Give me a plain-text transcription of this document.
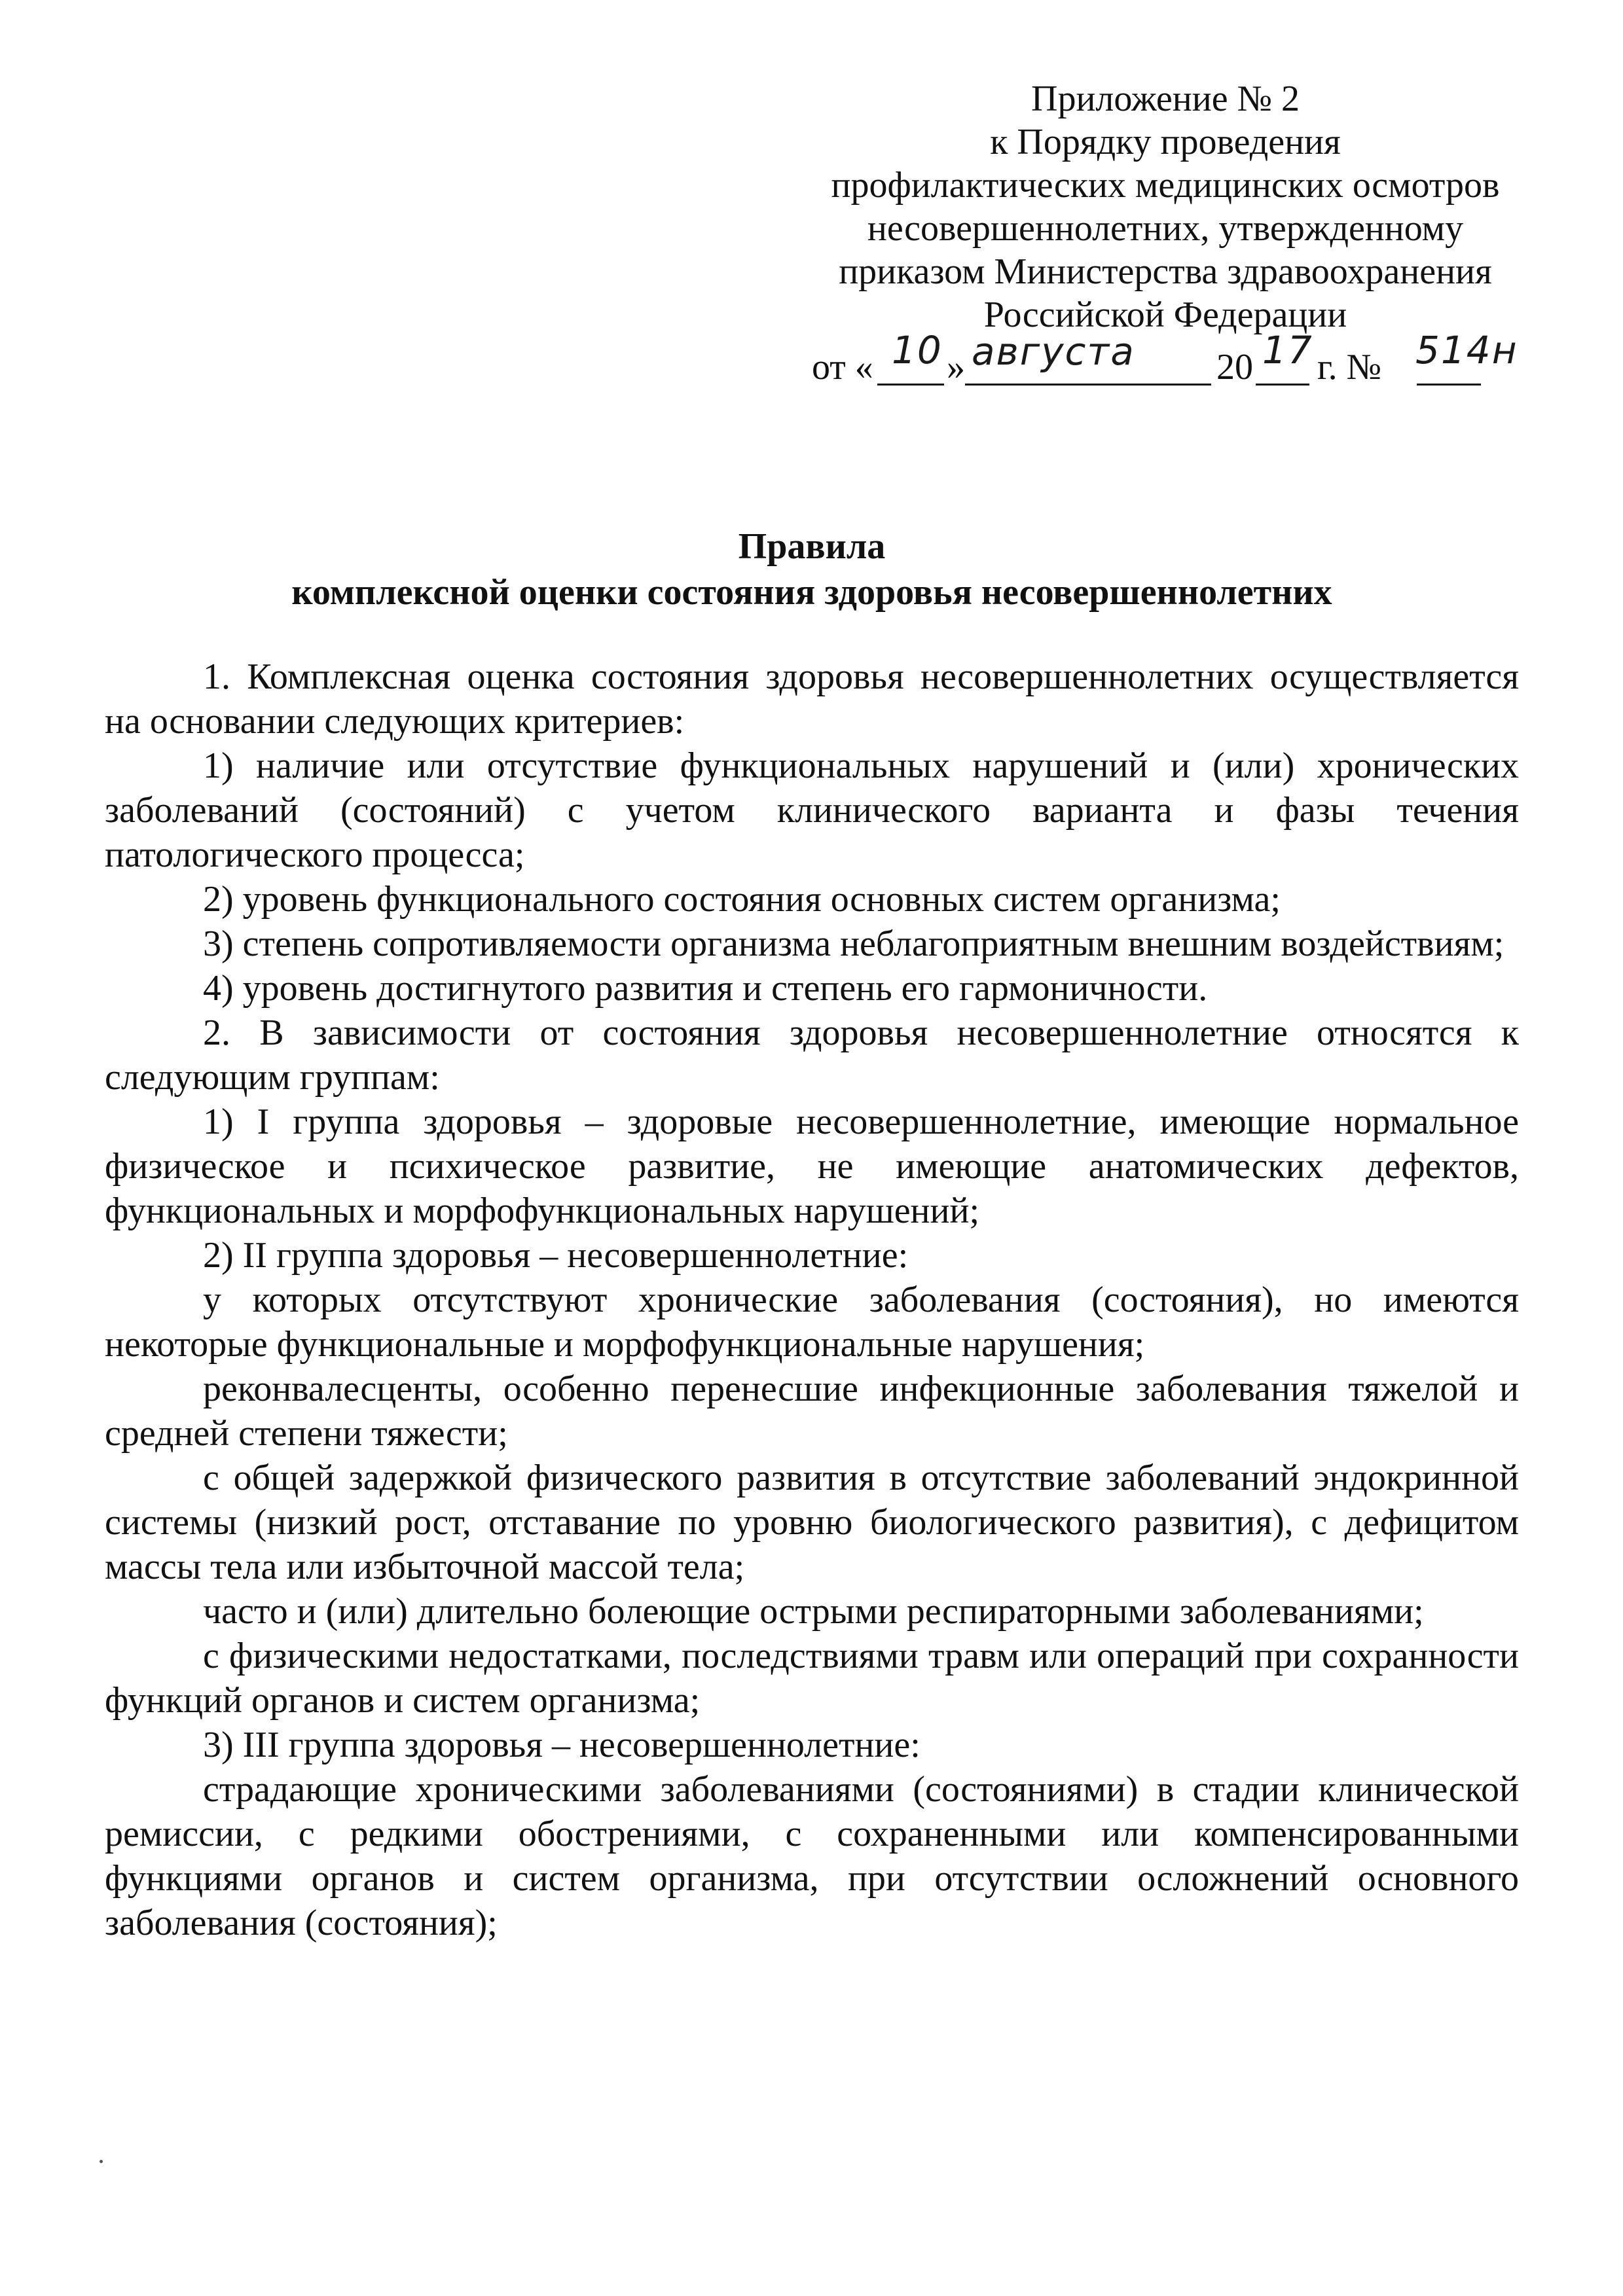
Приложение № 2
к Порядку проведения
профилактических медицинских осмотров
несовершеннолетних, утвержденному
приказом Министерства здравоохранения
Российской Федерации
от « 10 » августа 20 17 г. № 514н
Правила
комплексной оценки состояния здоровья несовершеннолетних

1. Комплексная оценка состояния здоровья несовершеннолетних осуществляется на основании следующих критериев:

1) наличие или отсутствие функциональных нарушений и (или) хронических заболеваний (состояний) с учетом клинического варианта и фазы течения патологического процесса;

2) уровень функционального состояния основных систем организма;

3) степень сопротивляемости организма неблагоприятным внешним воздействиям;

4) уровень достигнутого развития и степень его гармоничности.

2. В зависимости от состояния здоровья несовершеннолетние относятся к следующим группам:

1) I группа здоровья – здоровые несовершеннолетние, имеющие нормальное физическое и психическое развитие, не имеющие анатомических дефектов, функциональных и морфофункциональных нарушений;

2) II группа здоровья – несовершеннолетние:

у которых отсутствуют хронические заболевания (состояния), но имеются некоторые функциональные и морфофункциональные нарушения;

реконвалесценты, особенно перенесшие инфекционные заболевания тяжелой и средней степени тяжести;

с общей задержкой физического развития в отсутствие заболеваний эндокринной системы (низкий рост, отставание по уровню биологического развития), с дефицитом массы тела или избыточной массой тела;

часто и (или) длительно болеющие острыми респираторными заболеваниями;

с физическими недостатками, последствиями травм или операций при сохранности функций органов и систем организма;

3) III группа здоровья – несовершеннолетние:

страдающие хроническими заболеваниями (состояниями) в стадии клинической ремиссии, с редкими обострениями, с сохраненными или компенсированными функциями органов и систем организма, при отсутствии осложнений основного заболевания (состояния);
